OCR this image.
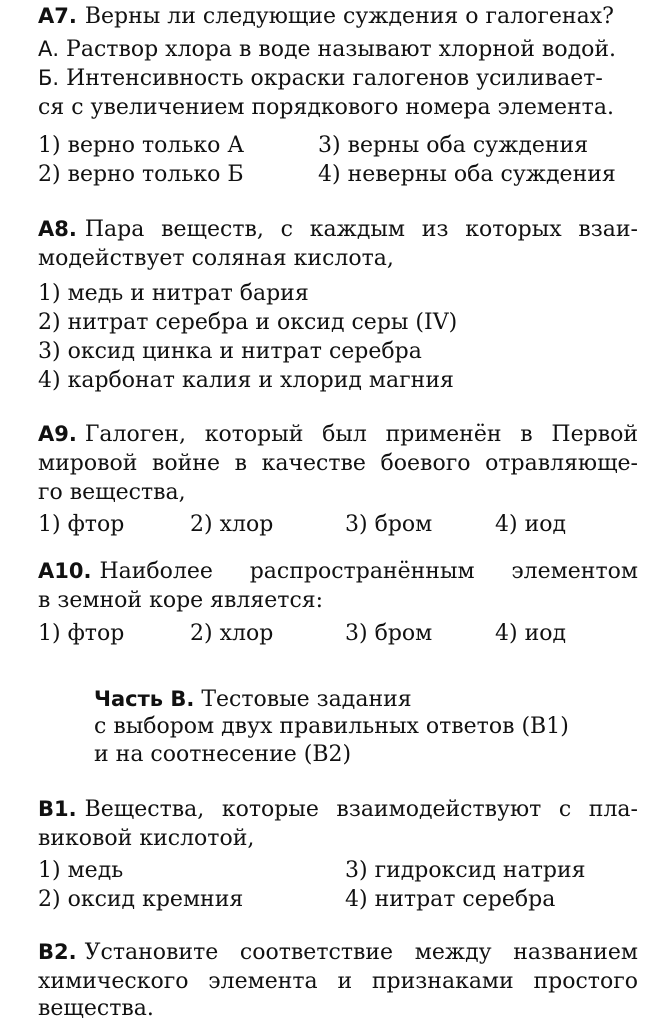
А7. Верны ли следующие суждения о галогенах?
А. Раствор хлора в воде называют хлорной водой.
Б. Интенсивность окраски галогенов усиливает-
ся с увеличением порядкового номера элемента.
1) верно только А	3) верны оба суждения
2) верно только Б	4) неверны оба суждения
А8. Пара веществ, с каждым из которых взаи-
модействует соляная кислота,
1) медь и нитрат бария
2) нитрат серебра и оксид серы (IV)
3) оксид цинка и нитрат серебра
4) карбонат калия и хлорид магния
А9. Галоген, который был применён в Первой
мировой войне в качестве боевого отравляюще-
го вещества,
1) фтор	2) хлор	3) бром	4) иод
А10. Наиболее распространённым элементом
в земной коре является:
1) фтор	2) хлор	3) бром	4) иод
Часть В. Тестовые задания
с выбором двух правильных ответов (В1)
и на соотнесение (В2)
В1. Вещества, которые взаимодействуют с пла-
виковой кислотой,
1) медь	3) гидроксид натрия
2) оксид кремния	4) нитрат серебра
В2. Установите соответствие между названием
химического элемента и признаками простого
вещества.
